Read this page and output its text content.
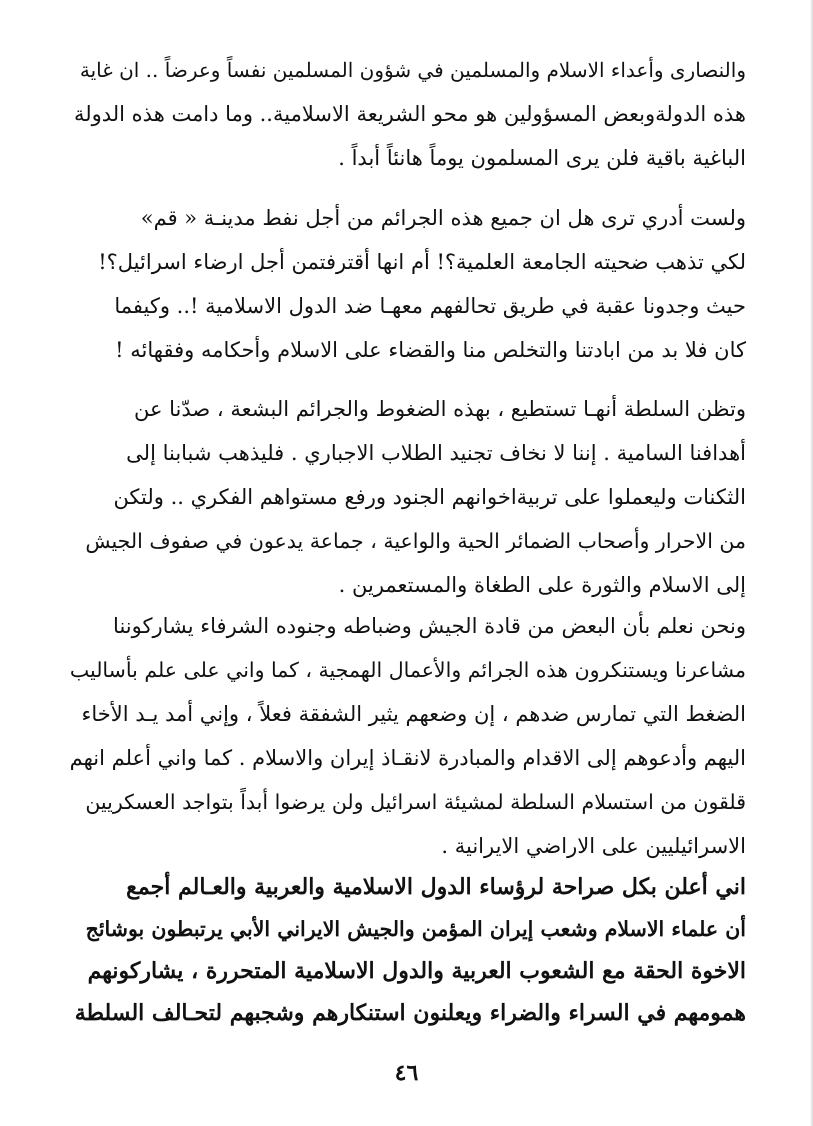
والنصارى وأعداء الاسلام والمسلمين في شؤون المسلمين نفساً وعرضاً .. ان غاية
هذه الدولةوبعض المسؤولين هو محو الشريعة الاسلامية.. وما دامت هذه الدولة
الباغية باقية فلن يرى المسلمون يوماً هانئاً أبداً .
ولست أدري ترى هل ان جميع هذه الجرائم من أجل نفط مدينـة « قم»
لكي تذهب ضحيته الجامعة العلمية؟! أم انها أقترفتمن أجل ارضاء اسرائيل؟!
حيث وجدونا عقبة في طريق تحالفهم معهـا ضد الدول الاسلامية !.. وكيفما
كان فلا بد من ابادتنا والتخلص منا والقضاء على الاسلام وأحكامه وفقهائه !
وتظن السلطة أنهـا تستطيع ، بهذه الضغوط والجرائم البشعة ، صدّنا عن
أهدافنا السامية . إننا لا نخاف تجنيد الطلاب الاجباري . فليذهب شبابنا إلى
الثكنات وليعملوا على تربيةاخوانهم الجنود ورفع مستواهم الفكري .. ولتكن
من الاحرار وأصحاب الضمائر الحية والواعية ، جماعة يدعون في صفوف الجيش
إلى الاسلام والثورة على الطغاة والمستعمرين .
ونحن نعلم بأن البعض من قادة الجيش وضباطه وجنوده الشرفاء يشاركوننا
مشاعرنا ويستنكرون هذه الجرائم والأعمال الهمجية ، كما واني على علم بأساليب
الضغط التي تمارس ضدهم ، إن وضعهم يثير الشفقة فعلاً ، وإني أمد يـد الأخاء
اليهم وأدعوهم إلى الاقدام والمبادرة لانقـاذ إيران والاسلام . كما واني أعلم انهم
قلقون من استسلام السلطة لمشيئة اسرائيل ولن يرضوا أبداً بتواجد العسكريين
الاسرائيليين على الاراضي الايرانية .
اني أعلن بكل صراحة لرؤساء الدول الاسلامية والعربية والعـالم أجمع
أن علماء الاسلام وشعب إيران المؤمن والجيش الايراني الأبي يرتبطون بوشائج
الاخوة الحقة مع الشعوب العربية والدول الاسلامية المتحررة ، يشاركونهم
همومهم في السراء والضراء ويعلنون استنكارهم وشجبهم لتحـالف السلطة
٤٦
